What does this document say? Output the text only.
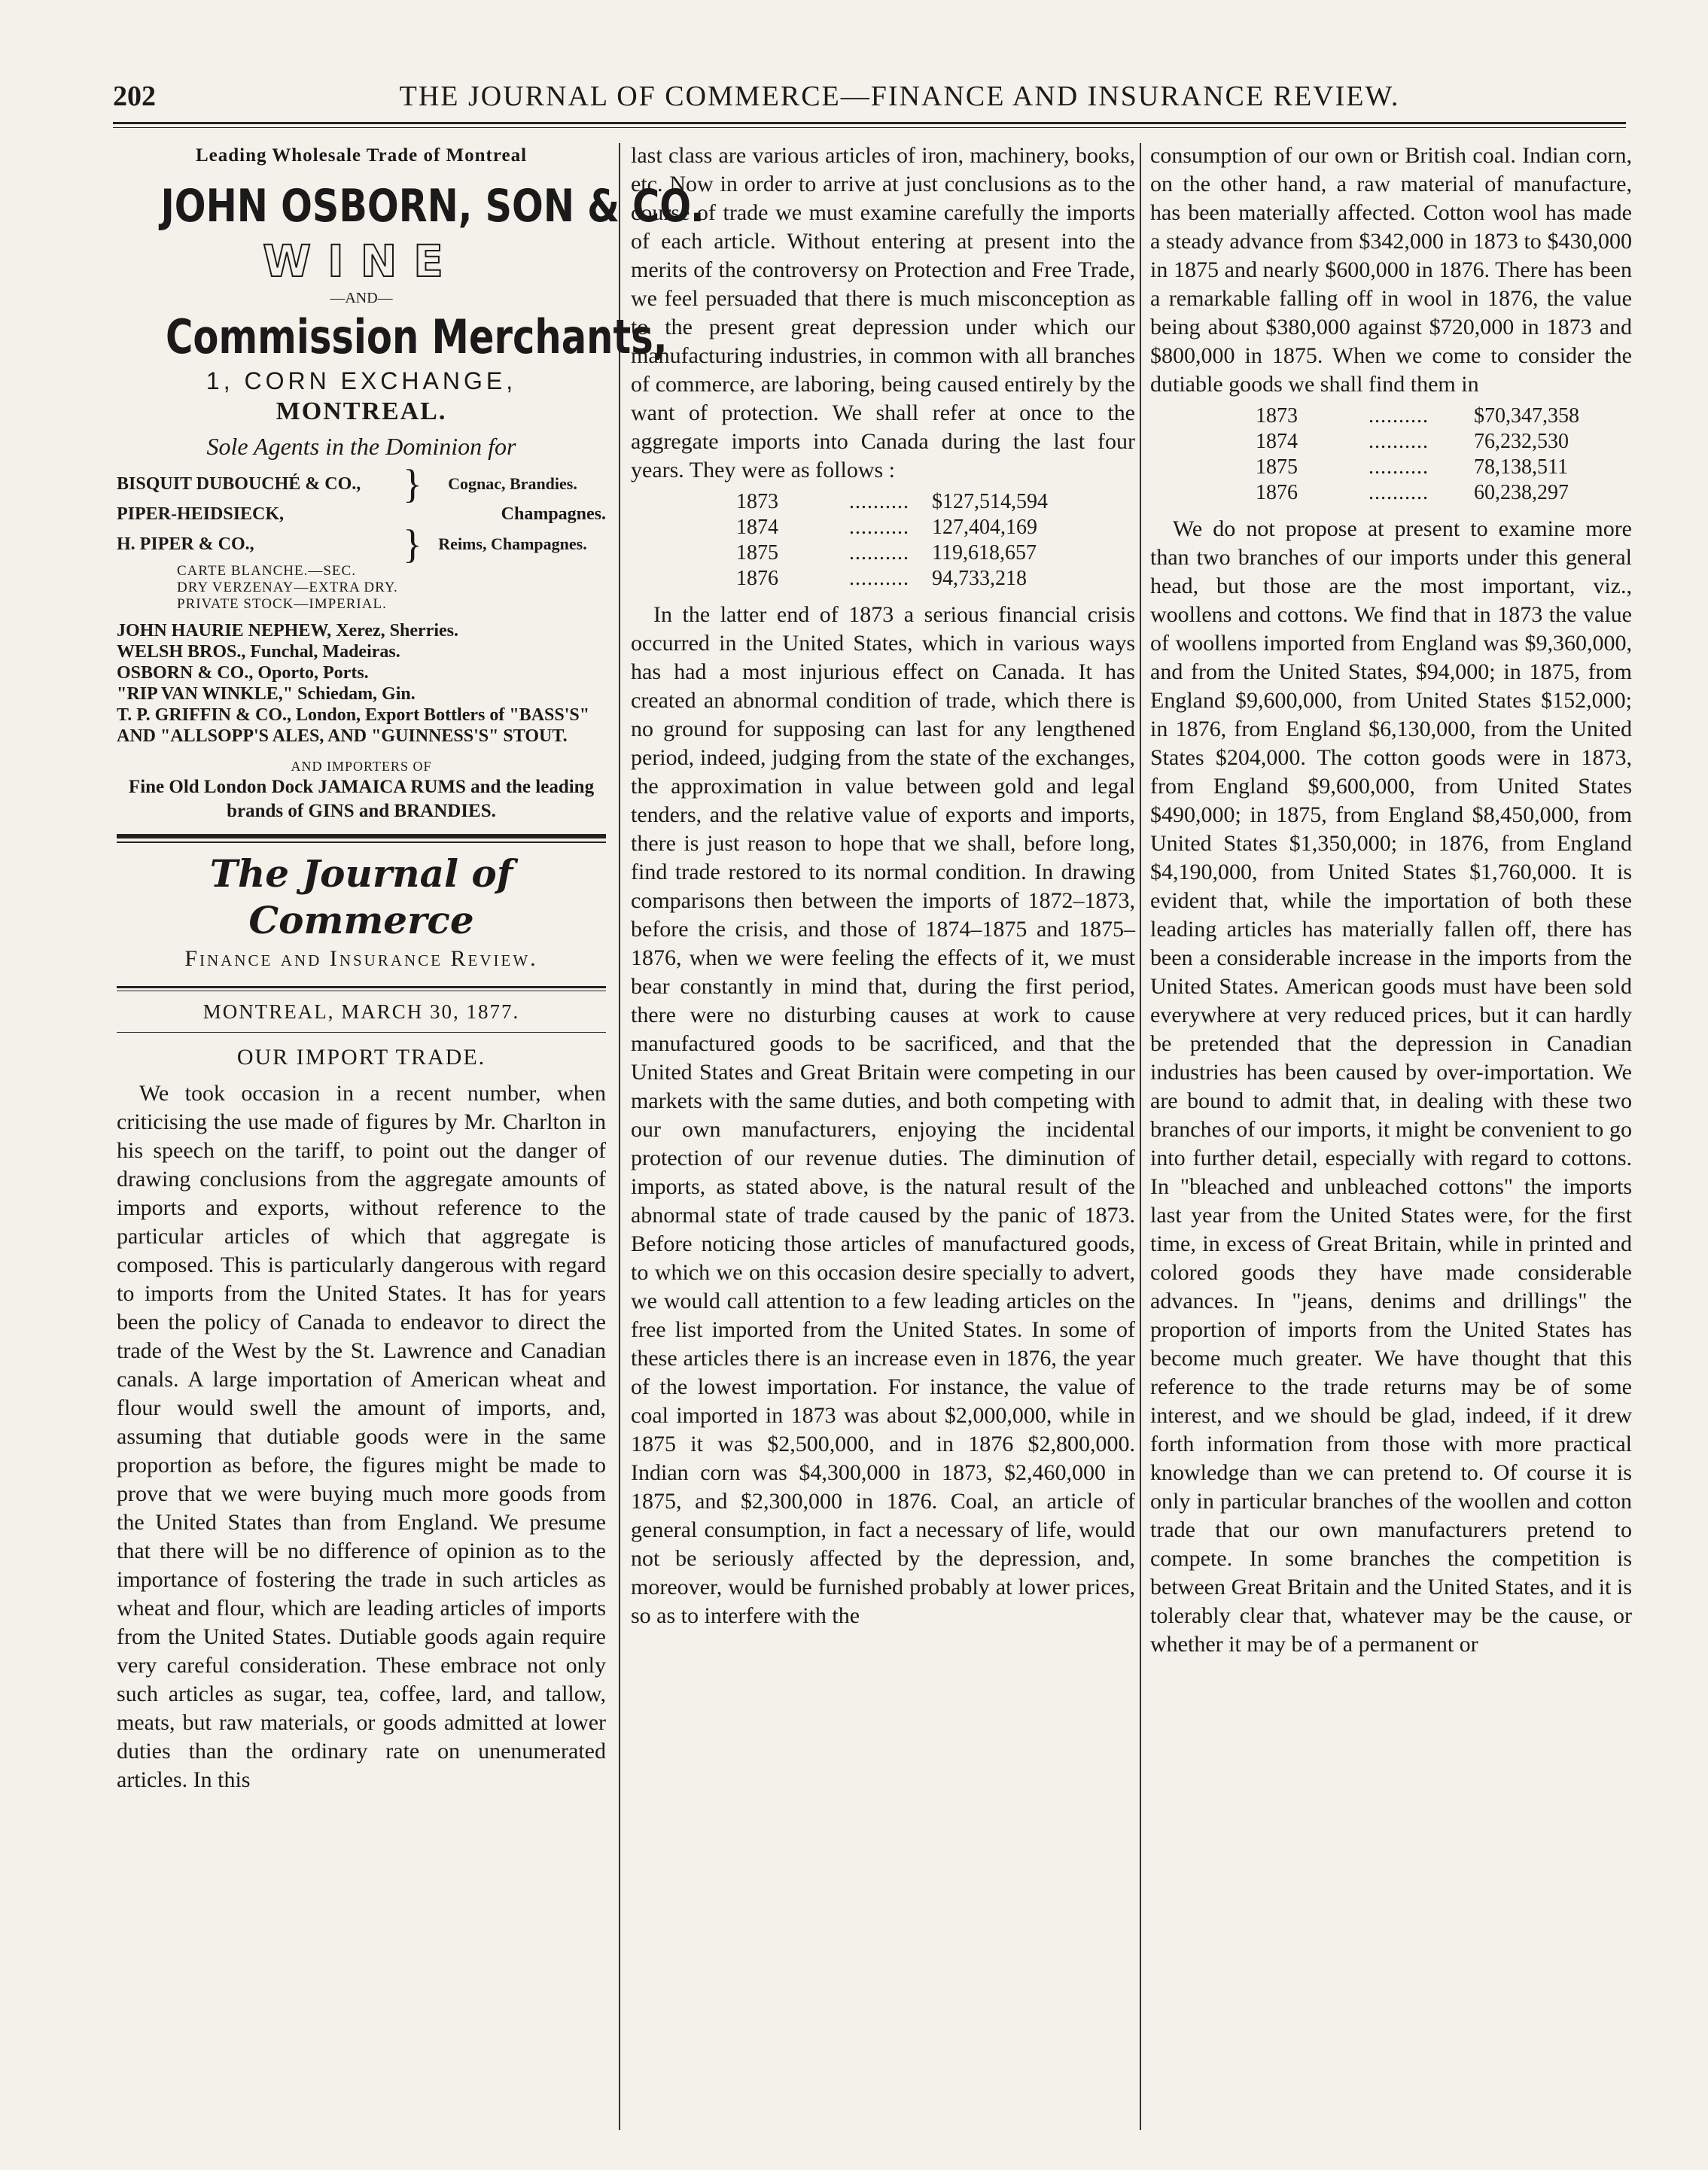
202	THE JOURNAL OF COMMERCE—FINANCE AND INSURANCE REVIEW.
Leading Wholesale Trade of Montreal
JOHN OSBORN, SON & CO.
WINE
—AND—
Commission Merchants,
1, CORN EXCHANGE,
MONTREAL.
Sole Agents in the Dominion for
BISQUIT DUBOUCHÉ & CO.,	}	Cognac, Brandies.
PIPER-HEIDSIECK,	Champagnes.
H. PIPER & CO.,	} Reims, Champagnes.
CARTE BLANCHE.—SEC.
DRY VERZENAY—EXTRA DRY.
PRIVATE STOCK—IMPERIAL.
JOHN HAURIE NEPHEW, Xerez, Sherries.
WELSH BROS., Funchal, Madeiras.
OSBORN & CO., Oporto, Ports.
"RIP VAN WINKLE," Schiedam, Gin.
T. P. GRIFFIN & CO., London, Export Bottlers of "BASS'S" AND "ALLSOPP'S ALES, AND "GUINNESS'S" STOUT.
AND IMPORTERS OF
Fine Old London Dock JAMAICA RUMS and the leading brands of GINS and BRANDIES.
The Journal of Commerce
Finance and Insurance Review.
MONTREAL, MARCH 30, 1877.
OUR IMPORT TRADE.

We took occasion in a recent number, when criticising the use made of figures by Mr. Charlton in his speech on the tariff, to point out the danger of drawing conclusions from the aggregate amounts of imports and exports, without reference to the particular articles of which that aggregate is composed. This is particularly dangerous with regard to imports from the United States. It has for years been the policy of Canada to endeavor to direct the trade of the West by the St. Lawrence and Canadian canals. A large importation of American wheat and flour would swell the amount of imports, and, assuming that dutiable goods were in the same proportion as before, the figures might be made to prove that we were buying much more goods from the United States than from England. We presume that there will be no difference of opinion as to the importance of fostering the trade in such articles as wheat and flour, which are leading articles of imports from the United States. Dutiable goods again require very careful consideration. These embrace not only such articles as sugar, tea, coffee, lard, and tallow, meats, but raw materials, or goods admitted at lower duties than the ordinary rate on unenumerated articles. In this

last class are various articles of iron, machinery, books, etc. Now in order to arrive at just conclusions as to the course of trade we must examine carefully the imports of each article. Without entering at present into the merits of the controversy on Protection and Free Trade, we feel persuaded that there is much misconception as to the present great depression under which our manufacturing industries, in common with all branches of commerce, are laboring, being caused entirely by the want of protection. We shall refer at once to the aggregate imports into Canada during the last four years. They were as follows :

1873	..........	$127,514,594
1874	..........	127,404,169
1875	..........	119,618,657
1876	..........	94,733,218

In the latter end of 1873 a serious financial crisis occurred in the United States, which in various ways has had a most injurious effect on Canada. It has created an abnormal condition of trade, which there is no ground for supposing can last for any lengthened period, indeed, judging from the state of the exchanges, the approximation in value between gold and legal tenders, and the relative value of exports and imports, there is just reason to hope that we shall, before long, find trade restored to its normal condition. In drawing comparisons then between the imports of 1872–1873, before the crisis, and those of 1874–1875 and 1875–1876, when we were feeling the effects of it, we must bear constantly in mind that, during the first period, there were no disturbing causes at work to cause manufactured goods to be sacrificed, and that the United States and Great Britain were competing in our markets with the same duties, and both competing with our own manufacturers, enjoying the incidental protection of our revenue duties. The diminution of imports, as stated above, is the natural result of the abnormal state of trade caused by the panic of 1873. Before noticing those articles of manufactured goods, to which we on this occasion desire specially to advert, we would call attention to a few leading articles on the free list imported from the United States. In some of these articles there is an increase even in 1876, the year of the lowest importation. For instance, the value of coal imported in 1873 was about $2,000,000, while in 1875 it was $2,500,000, and in 1876 $2,800,000. Indian corn was $4,300,000 in 1873, $2,460,000 in 1875, and $2,300,000 in 1876. Coal, an article of general consumption, in fact a necessary of life, would not be seriously affected by the depression, and, moreover, would be furnished probably at lower prices, so as to interfere with the

consumption of our own or British coal. Indian corn, on the other hand, a raw material of manufacture, has been materially affected. Cotton wool has made a steady advance from $342,000 in 1873 to $430,000 in 1875 and nearly $600,000 in 1876. There has been a remarkable falling off in wool in 1876, the value being about $380,000 against $720,000 in 1873 and $800,000 in 1875. When we come to consider the dutiable goods we shall find them in

1873	..........	$70,347,358
1874	..........	76,232,530
1875	..........	78,138,511
1876	..........	60,238,297

We do not propose at present to examine more than two branches of our imports under this general head, but those are the most important, viz., woollens and cottons. We find that in 1873 the value of woollens imported from England was $9,360,000, and from the United States, $94,000; in 1875, from England $9,600,000, from United States $152,000; in 1876, from England $6,130,000, from the United States $204,000. The cotton goods were in 1873, from England $9,600,000, from United States $490,000; in 1875, from England $8,450,000, from United States $1,350,000; in 1876, from England $4,190,000, from United States $1,760,000. It is evident that, while the importation of both these leading articles has materially fallen off, there has been a considerable increase in the imports from the United States. American goods must have been sold everywhere at very reduced prices, but it can hardly be pretended that the depression in Canadian industries has been caused by over-importation. We are bound to admit that, in dealing with these two branches of our imports, it might be convenient to go into further detail, especially with regard to cottons. In "bleached and unbleached cottons" the imports last year from the United States were, for the first time, in excess of Great Britain, while in printed and colored goods they have made considerable advances. In "jeans, denims and drillings" the proportion of imports from the United States has become much greater. We have thought that this reference to the trade returns may be of some interest, and we should be glad, indeed, if it drew forth information from those with more practical knowledge than we can pretend to. Of course it is only in particular branches of the woollen and cotton trade that our own manufacturers pretend to compete. In some branches the competition is between Great Britain and the United States, and it is tolerably clear that, whatever may be the cause, or whether it may be of a permanent or
